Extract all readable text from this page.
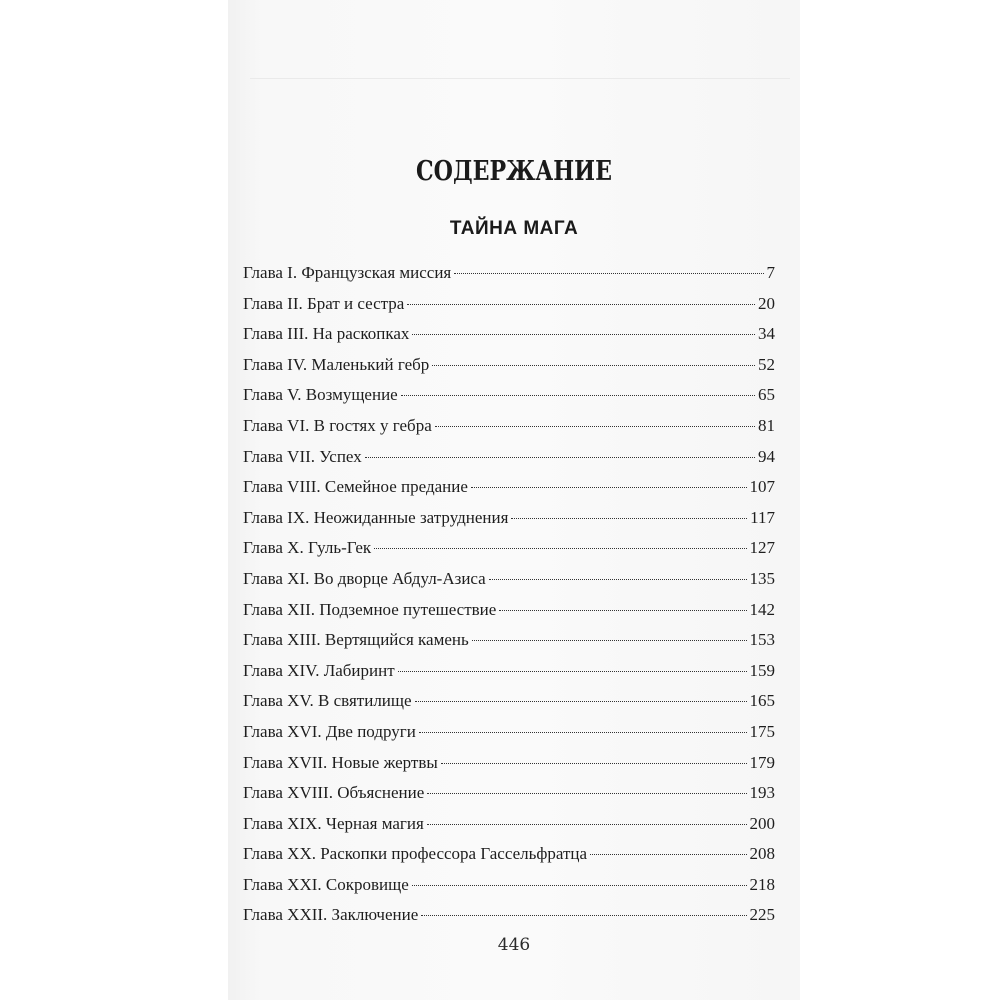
СОДЕРЖАНИЕ
ТАЙНА МАГА
Глава I. Французская миссия	7
Глава II. Брат и сестра	20
Глава III. На раскопках	34
Глава IV. Маленький гебр	52
Глава V. Возмущение	65
Глава VI. В гостях у гебра	81
Глава VII. Успех	94
Глава VIII. Семейное предание	107
Глава IX. Неожиданные затруднения	117
Глава X. Гуль-Гек	127
Глава XI. Во дворце Абдул-Азиса	135
Глава XII. Подземное путешествие	142
Глава XIII. Вертящийся камень	153
Глава XIV. Лабиринт	159
Глава XV. В святилище	165
Глава XVI. Две подруги	175
Глава XVII. Новые жертвы	179
Глава XVIII. Объяснение	193
Глава XIX. Черная магия	200
Глава XX. Раскопки профессора Гассельфратца	208
Глава XXI. Сокровище	218
Глава XXII. Заключение	225
446
